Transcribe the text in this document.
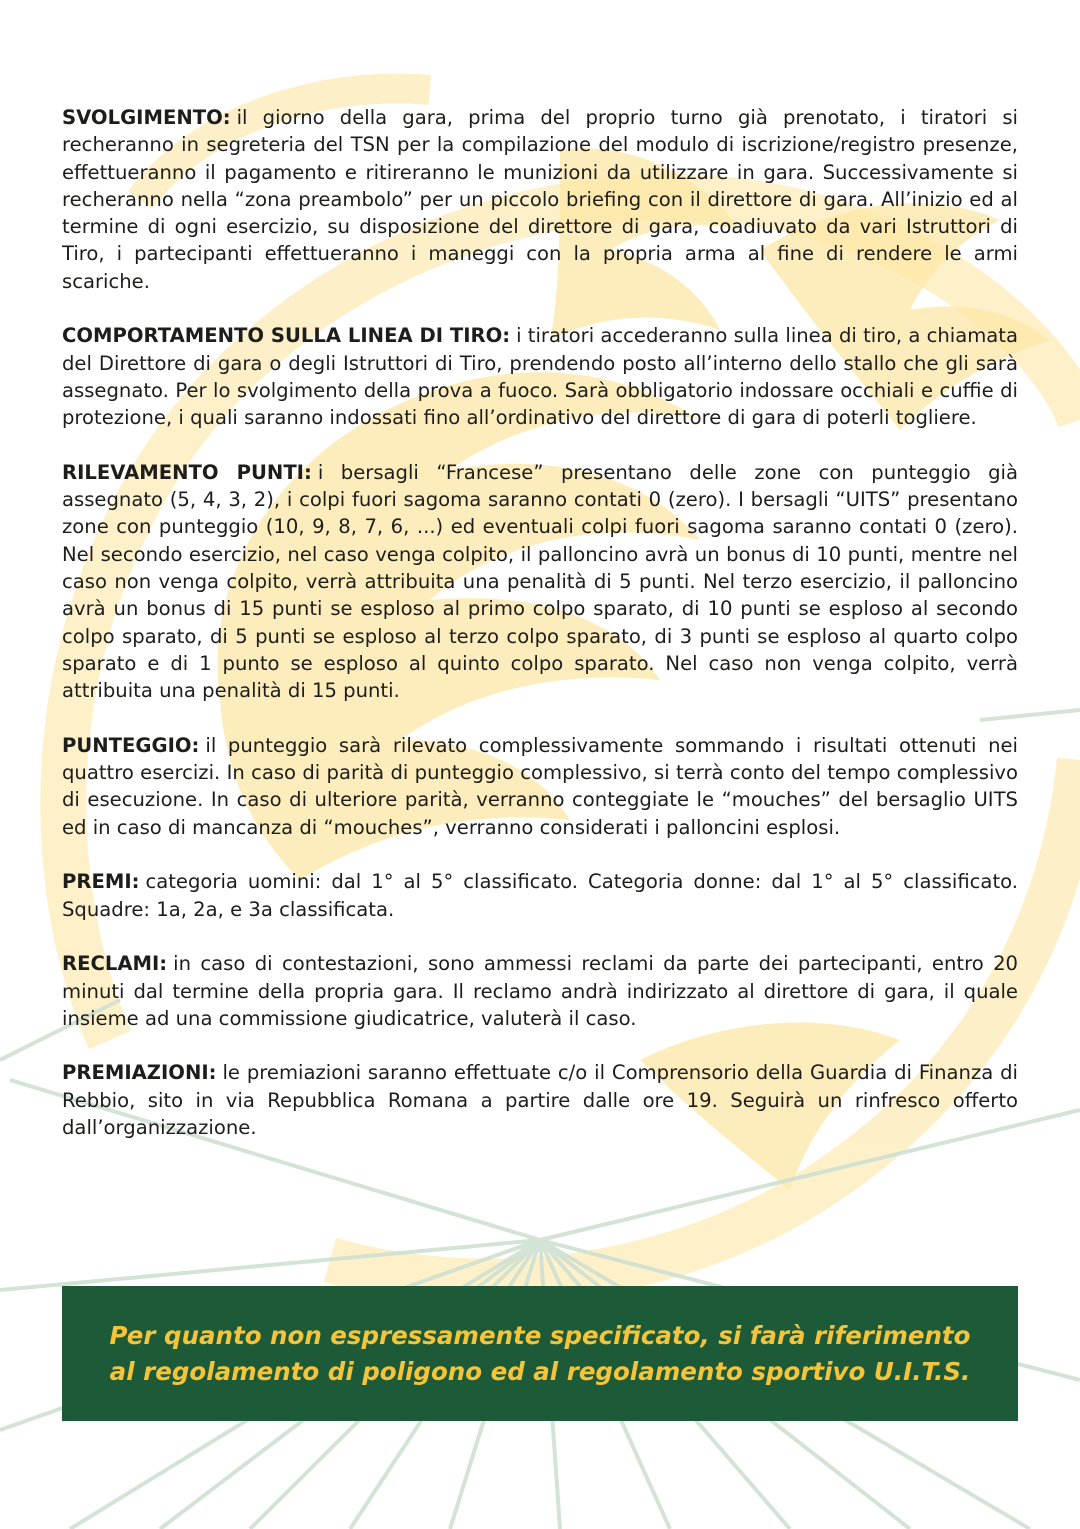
SVOLGIMENTO: il giorno della gara, prima del proprio turno già prenotato, i tiratori si recheranno in segreteria del TSN per la compilazione del modulo di iscrizione/registro presenze, effettueranno il pagamento e ritireranno le munizioni da utilizzare in gara. Successivamente si recheranno nella “zona preambolo” per un piccolo briefing con il direttore di gara. All’inizio ed al termine di ogni esercizio, su disposizione del direttore di gara, coadiuvato da vari Istruttori di Tiro, i partecipanti effettueranno i maneggi con la propria arma al fine di rendere le armi scariche.

COMPORTAMENTO SULLA LINEA DI TIRO: i tiratori accederanno sulla linea di tiro, a chiamata del Direttore di gara o degli Istruttori di Tiro, prendendo posto all’interno dello stallo che gli sarà assegnato. Per lo svolgimento della prova a fuoco. Sarà obbligatorio indossare occhiali e cuffie di protezione, i quali saranno indossati fino all’ordinativo del direttore di gara di poterli togliere.

RILEVAMENTO PUNTI: i bersagli “Francese” presentano delle zone con punteggio già assegnato (5, 4, 3, 2), i colpi fuori sagoma saranno contati 0 (zero). I bersagli “UITS” presentano zone con punteggio (10, 9, 8, 7, 6, ...) ed eventuali colpi fuori sagoma saranno contati 0 (zero). Nel secondo esercizio, nel caso venga colpito, il palloncino avrà un bonus di 10 punti, mentre nel caso non venga colpito, verrà attribuita una penalità di 5 punti. Nel terzo esercizio, il palloncino avrà un bonus di 15 punti se esploso al primo colpo sparato, di 10 punti se esploso al secondo colpo sparato, di 5 punti se esploso al terzo colpo sparato, di 3 punti se esploso al quarto colpo sparato e di 1 punto se esploso al quinto colpo sparato. Nel caso non venga colpito, verrà attribuita una penalità di 15 punti.

PUNTEGGIO: il punteggio sarà rilevato complessivamente sommando i risultati ottenuti nei quattro esercizi. In caso di parità di punteggio complessivo, si terrà conto del tempo complessivo di esecuzione. In caso di ulteriore parità, verranno conteggiate le “mouches” del bersaglio UITS ed in caso di mancanza di “mouches”, verranno considerati i palloncini esplosi.

PREMI: categoria uomini: dal 1° al 5° classificato. Categoria donne: dal 1° al 5° classificato. Squadre: 1a, 2a, e 3a classificata.

RECLAMI: in caso di contestazioni, sono ammessi reclami da parte dei partecipanti, entro 20 minuti dal termine della propria gara. Il reclamo andrà indirizzato al direttore di gara, il quale insieme ad una commissione giudicatrice, valuterà il caso.

PREMIAZIONI: le premiazioni saranno effettuate c/o il Comprensorio della Guardia di Finanza di Rebbio, sito in via Repubblica Romana a partire dalle ore 19. Seguirà un rinfresco offerto dall’organizzazione.

Per quanto non espressamente specificato, si farà riferimento
al regolamento di poligono ed al regolamento sportivo U.I.T.S.
